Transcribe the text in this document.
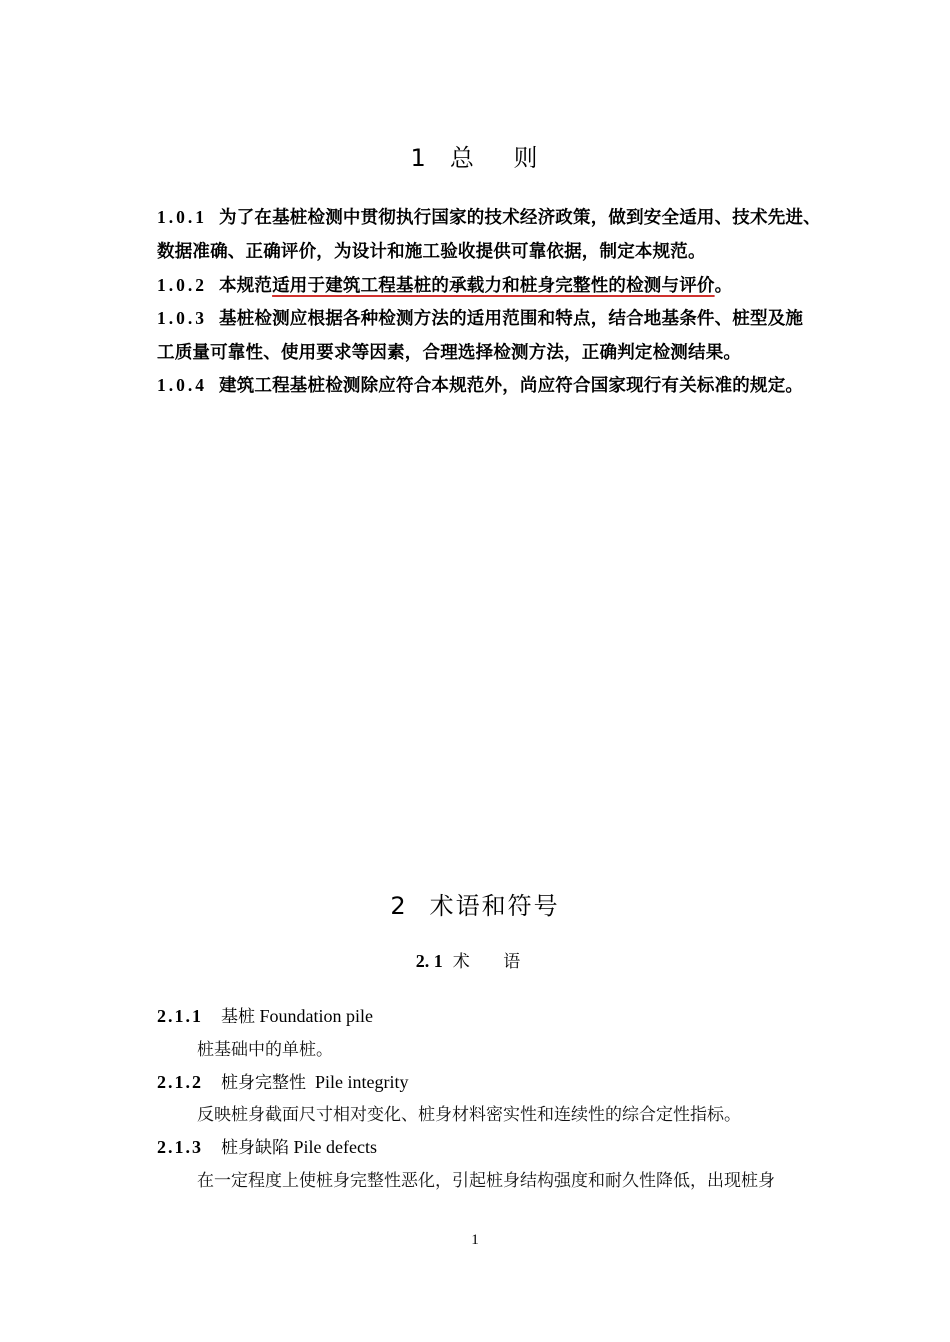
1 总 则
1.0.1 为了在基桩检测中贯彻执行国家的技术经济政策，做到安全适用、技术先进、
数据准确、正确评价，为设计和施工验收提供可靠依据，制定本规范。
1.0.2 本规范适用于建筑工程基桩的承载力和桩身完整性的检测与评价。
1.0.3 基桩检测应根据各种检测方法的适用范围和特点，结合地基条件、桩型及施
工质量可靠性、使用要求等因素，合理选择检测方法，正确判定检测结果。
1.0.4 建筑工程基桩检测除应符合本规范外，尚应符合国家现行有关标准的规定。
2 术语和符号
2. 1 术 语
2.1.1 基桩 Foundation pile
桩基础中的单桩。
2.1.2 桩身完整性 Pile integrity
反映桩身截面尺寸相对变化、桩身材料密实性和连续性的综合定性指标。
2.1.3 桩身缺陷 Pile defects
在一定程度上使桩身完整性恶化，引起桩身结构强度和耐久性降低，出现桩身
1
